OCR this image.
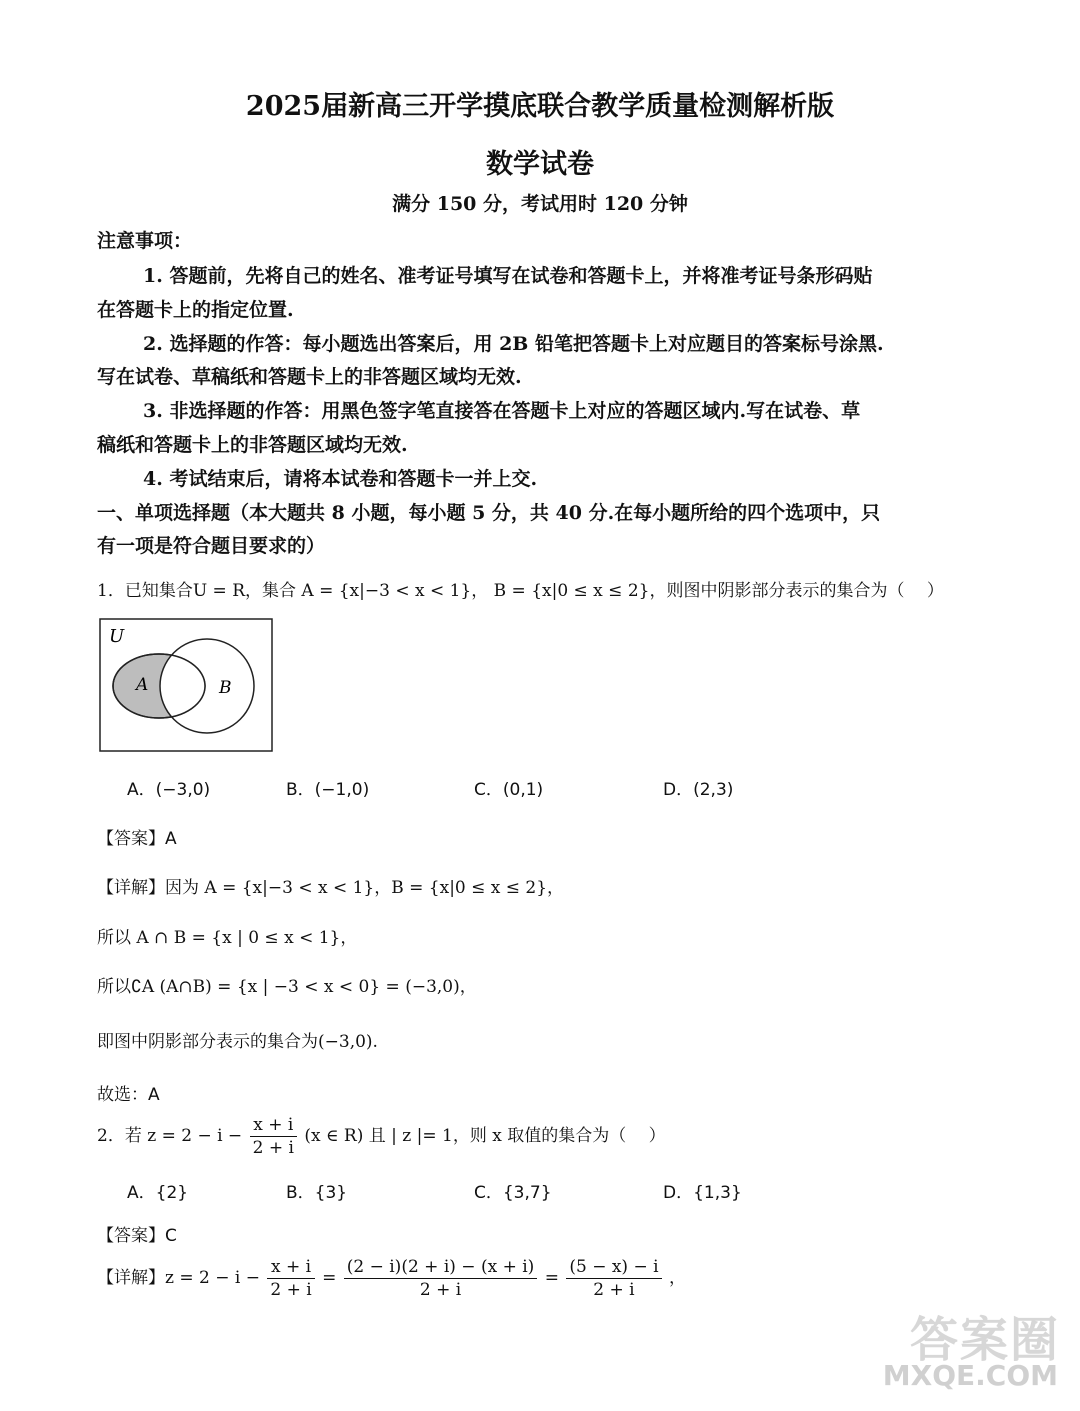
2025届新高三开学摸底联合教学质量检测解析版
数学试卷
满分 150 分，考试用时 120 分钟
注意事项：
1. 答题前，先将自己的姓名、准考证号填写在试卷和答题卡上，并将准考证号条形码贴
在答题卡上的指定位置.
2. 选择题的作答：每小题选出答案后，用 2B 铅笔把答题卡上对应题目的答案标号涂黑.
写在试卷、草稿纸和答题卡上的非答题区域均无效.
3. 非选择题的作答：用黑色签字笔直接答在答题卡上对应的答题区域内.写在试卷、草
稿纸和答题卡上的非答题区域均无效.
4. 考试结束后，请将本试卷和答题卡一并上交.
一、单项选择题（本大题共 8 小题，每小题 5 分，共 40 分.在每小题所给的四个选项中，只
有一项是符合题目要求的）
1．已知集合U = R，集合 A = {x|−3 < x < 1}， B = {x|0 ≤ x ≤ 2}，则图中阴影部分表示的集合为（　 ）
U
A	B
A．(−3,0)	B．(−1,0)	C．(0,1)	D．(2,3)
【答案】A
【详解】因为 A = {x|−3 < x < 1}，B = {x|0 ≤ x ≤ 2}，
所以 A ∩ B = {x | 0 ≤ x < 1}，
所以∁A (A∩B) = {x | −3 < x < 0} = (−3,0)，
即图中阴影部分表示的集合为(−3,0).
故选：A
2．若 $z = 2 - i - \frac{x + i}{2 + i} (x$ ∈ R) 且 | z |= 1，则 x 取值的集合为（　 ）
A．{2}	B．{3}	C．{3,7}	D．{1,3}
【答案】C
【详解】$z = 2 - i - \frac{x + i}{2 + i} = \frac{(2 - i)(2 + i) - (x + i)}{2 + i} = \frac{(5 - x) - i}{2 + i}$ ，
答案圈
MXQE.COM
